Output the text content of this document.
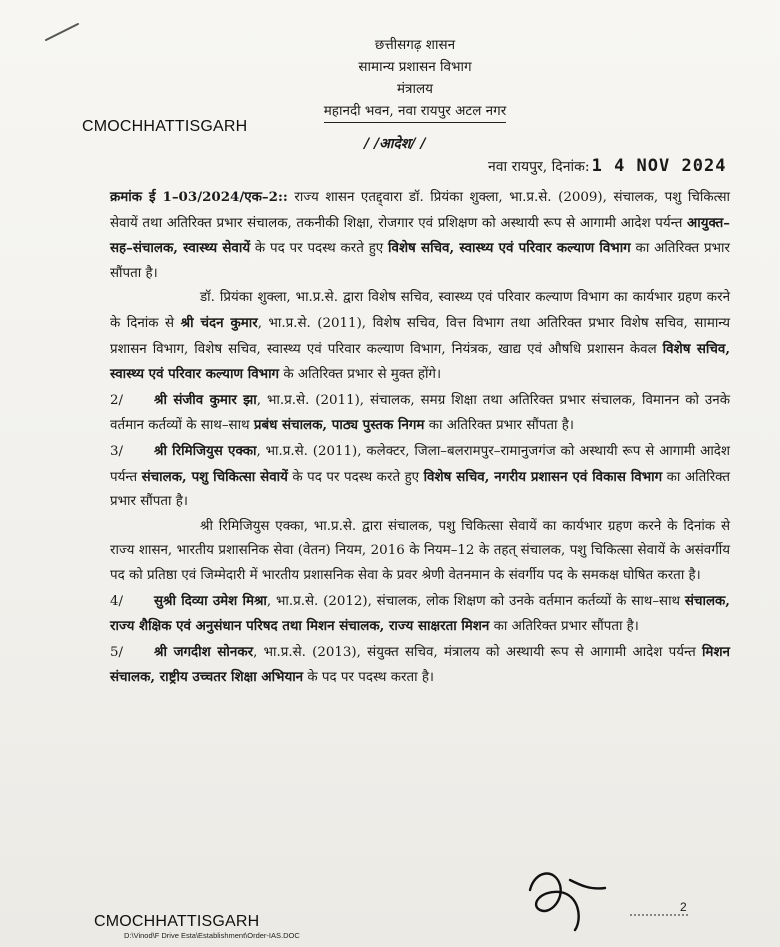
छत्तीसगढ़ शासन
सामान्य प्रशासन विभाग
मंत्रालय
महानदी भवन, नवा रायपुर अटल नगर
CMOCHHATTISGARH
/ /आदेश/ /
नवा रायपुर, दिनांक: 1 4 NOV 2024

क्रमांक ई 1–03/2024/एक–2:: राज्य शासन एतद्द्वारा डॉ. प्रियंका शुक्ला, भा.प्र.से. (2009), संचालक, पशु चिकित्सा सेवायें तथा अतिरिक्त प्रभार संचालक, तकनीकी शिक्षा, रोजगार एवं प्रशिक्षण को अस्थायी रूप से आगामी आदेश पर्यन्त आयुक्त–सह–संचालक, स्वास्थ्य सेवायें के पद पर पदस्थ करते हुए विशेष सचिव, स्वास्थ्य एवं परिवार कल्याण विभाग का अतिरिक्त प्रभार सौंपता है।

डॉ. प्रियंका शुक्ला, भा.प्र.से. द्वारा विशेष सचिव, स्वास्थ्य एवं परिवार कल्याण विभाग का कार्यभार ग्रहण करने के दिनांक से श्री चंदन कुमार, भा.प्र.से. (2011), विशेष सचिव, वित्त विभाग तथा अतिरिक्त प्रभार विशेष सचिव, सामान्य प्रशासन विभाग, विशेष सचिव, स्वास्थ्य एवं परिवार कल्याण विभाग, नियंत्रक, खाद्य एवं औषधि प्रशासन केवल विशेष सचिव, स्वास्थ्य एवं परिवार कल्याण विभाग के अतिरिक्त प्रभार से मुक्त होंगे।

2/ श्री संजीव कुमार झा, भा.प्र.से. (2011), संचालक, समग्र शिक्षा तथा अतिरिक्त प्रभार संचालक, विमानन को उनके वर्तमान कर्तव्यों के साथ–साथ प्रबंध संचालक, पाठ्य पुस्तक निगम का अतिरिक्त प्रभार सौंपता है।

3/ श्री रिमिजियुस एक्का, भा.प्र.से. (2011), कलेक्टर, जिला–बलरामपुर–रामानुजगंज को अस्थायी रूप से आगामी आदेश पर्यन्त संचालक, पशु चिकित्सा सेवायें के पद पर पदस्थ करते हुए विशेष सचिव, नगरीय प्रशासन एवं विकास विभाग का अतिरिक्त प्रभार सौंपता है।

श्री रिमिजियुस एक्का, भा.प्र.से. द्वारा संचालक, पशु चिकित्सा सेवायें का कार्यभार ग्रहण करने के दिनांक से राज्य शासन, भारतीय प्रशासनिक सेवा (वेतन) नियम, 2016 के नियम–12 के तहत् संचालक, पशु चिकित्सा सेवायें के असंवर्गीय पद को प्रतिष्ठा एवं जिम्मेदारी में भारतीय प्रशासनिक सेवा के प्रवर श्रेणी वेतनमान के संवर्गीय पद के समकक्ष घोषित करता है।

4/ सुश्री दिव्या उमेश मिश्रा, भा.प्र.से. (2012), संचालक, लोक शिक्षण को उनके वर्तमान कर्तव्यों के साथ–साथ संचालक, राज्य शैक्षिक एवं अनुसंधान परिषद तथा मिशन संचालक, राज्य साक्षरता मिशन का अतिरिक्त प्रभार सौंपता है।

5/ श्री जगदीश सोनकर, भा.प्र.से. (2013), संयुक्त सचिव, मंत्रालय को अस्थायी रूप से आगामी आदेश पर्यन्त मिशन संचालक, राष्ट्रीय उच्चतर शिक्षा अभियान के पद पर पदस्थ करता है।

2
CMOCHHATTISGARH
D:\Vinod\F Drive Esta\Establishment\Order-IAS.DOC
